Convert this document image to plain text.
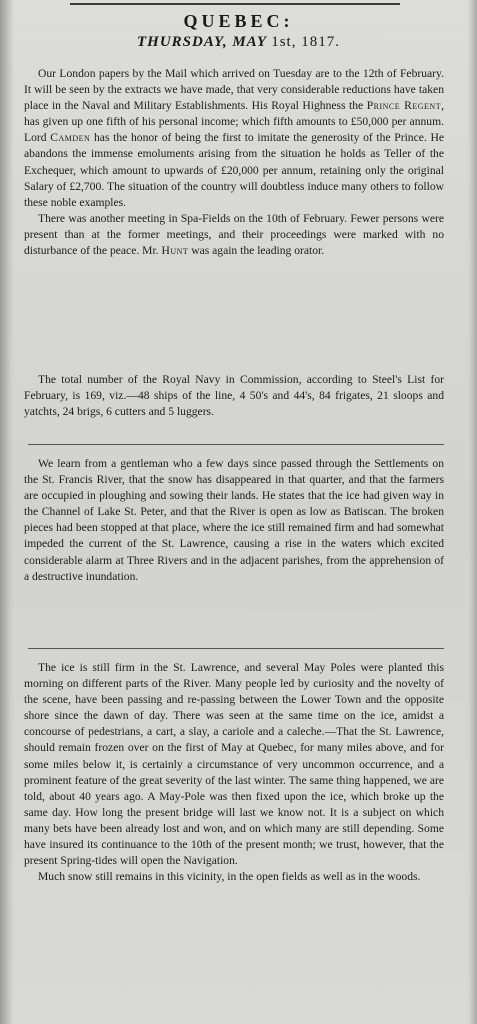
QUEBEC:
THURSDAY, MAY 1st, 1817.

Our London papers by the Mail which arrived on Tuesday are to the 12th of February. It will be seen by the extracts we have made, that very considerable reductions have taken place in the Naval and Military Establishments. His Royal Highness the Prince Regent, has given up one fifth of his personal income; which fifth amounts to £50,000 per annum. Lord Camden has the honor of being the first to imitate the generosity of the Prince. He abandons the immense emoluments arising from the situation he holds as Teller of the Exchequer, which amount to upwards of £20,000 per annum, retaining only the original Salary of £2,700. The situation of the country will doubtless induce many others to follow these noble examples.

There was another meeting in Spa-Fields on the 10th of February. Fewer persons were present than at the former meetings, and their proceedings were marked with no disturbance of the peace. Mr. Hunt was again the leading orator.

The total number of the Royal Navy in Commission, according to Steel's List for February, is 169, viz.—48 ships of the line, 4 50's and 44's, 84 frigates, 21 sloops and yatchts, 24 brigs, 6 cutters and 5 luggers.

We learn from a gentleman who a few days since passed through the Settlements on the St. Francis River, that the snow has disappeared in that quarter, and that the farmers are occupied in ploughing and sowing their lands. He states that the ice had given way in the Channel of Lake St. Peter, and that the River is open as low as Batiscan. The broken pieces had been stopped at that place, where the ice still remained firm and had somewhat impeded the current of the St. Lawrence, causing a rise in the waters which excited considerable alarm at Three Rivers and in the adjacent parishes, from the apprehension of a destructive inundation.

The ice is still firm in the St. Lawrence, and several May Poles were planted this morning on different parts of the River. Many people led by curiosity and the novelty of the scene, have been passing and re-passing between the Lower Town and the opposite shore since the dawn of day. There was seen at the same time on the ice, amidst a concourse of pedestrians, a cart, a slay, a cariole and a caleche.—That the St. Lawrence, should remain frozen over on the first of May at Quebec, for many miles above, and for some miles below it, is certainly a circumstance of very uncommon occurrence, and a prominent feature of the great severity of the last winter. The same thing happened, we are told, about 40 years ago. A May-Pole was then fixed upon the ice, which broke up the same day. How long the present bridge will last we know not. It is a subject on which many bets have been already lost and won, and on which many are still depending. Some have insured its continuance to the 10th of the present month; we trust, however, that the present Spring-tides will open the Navigation.

Much snow still remains in this vicinity, in the open fields as well as in the woods.
